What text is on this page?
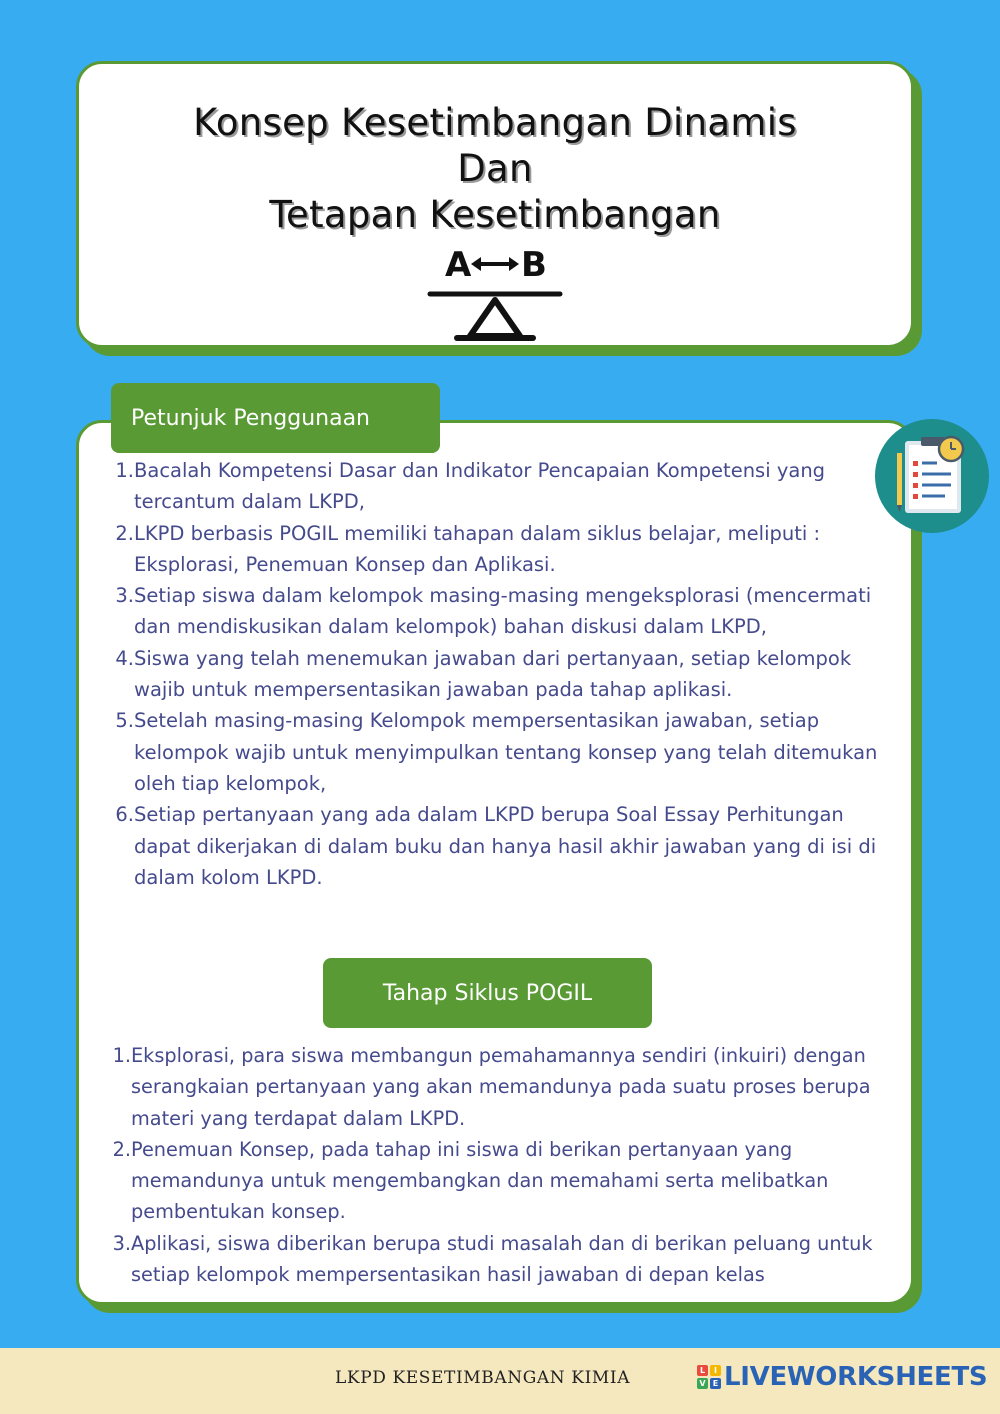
Konsep Kesetimbangan Dinamis
Dan
Tetapan Kesetimbangan
A B
Petunjuk Penggunaan
1. Bacalah Kompetensi Dasar dan Indikator Pencapaian Kompetensi yang tercantum dalam LKPD,
2. LKPD berbasis POGIL memiliki tahapan dalam siklus belajar, meliputi : Eksplorasi, Penemuan Konsep dan Aplikasi.
3. Setiap siswa dalam kelompok masing-masing mengeksplorasi (mencermati dan mendiskusikan dalam kelompok) bahan diskusi dalam LKPD,
4. Siswa yang telah menemukan jawaban dari pertanyaan, setiap kelompok wajib untuk mempersentasikan jawaban pada tahap aplikasi.
5. Setelah masing-masing Kelompok mempersentasikan jawaban, setiap kelompok wajib untuk menyimpulkan tentang konsep yang telah ditemukan oleh tiap kelompok,
6. Setiap pertanyaan yang ada dalam LKPD berupa Soal Essay Perhitungan dapat dikerjakan di dalam buku dan hanya hasil akhir jawaban yang di isi di dalam kolom LKPD.
Tahap Siklus POGIL
1. Eksplorasi, para siswa membangun pemahamannya sendiri (inkuiri) dengan serangkaian pertanyaan yang akan memandunya pada suatu proses berupa materi yang terdapat dalam LKPD.
2. Penemuan Konsep, pada tahap ini siswa di berikan pertanyaan yang memandunya untuk mengembangkan dan memahami serta melibatkan pembentukan konsep.
3. Aplikasi, siswa diberikan berupa studi masalah dan di berikan peluang untuk setiap kelompok mempersentasikan hasil jawaban di depan kelas
LKPD KESETIMBANGAN KIMIA	L	I
V E LIVEWORKSHEETS
